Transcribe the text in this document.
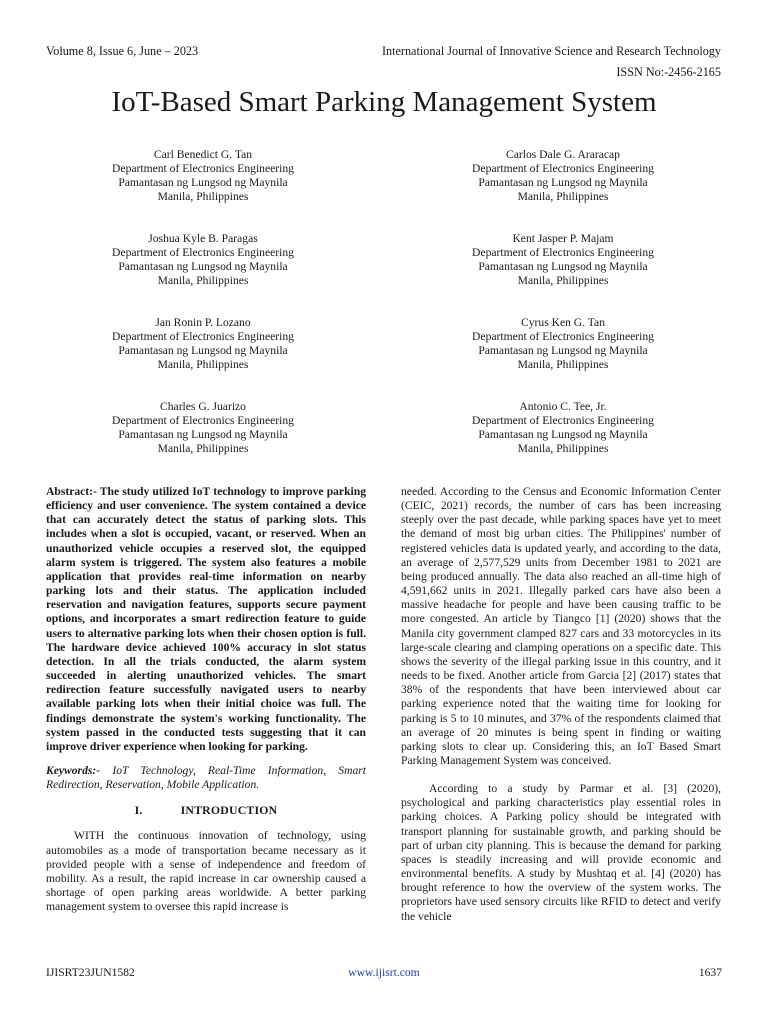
Volume 8, Issue 6, June – 2023	International Journal of Innovative Science and Research Technology
ISSN No:-2456-2165
IoT-Based Smart Parking Management System
Carl Benedict G. Tan
Department of Electronics Engineering
Pamantasan ng Lungsod ng Maynila
Manila, Philippines
Carlos Dale G. Araracap
Department of Electronics Engineering
Pamantasan ng Lungsod ng Maynila
Manila, Philippines
Joshua Kyle B. Paragas
Department of Electronics Engineering
Pamantasan ng Lungsod ng Maynila
Manila, Philippines
Kent Jasper P. Majam
Department of Electronics Engineering
Pamantasan ng Lungsod ng Maynila
Manila, Philippines
Jan Ronin P. Lozano
Department of Electronics Engineering
Pamantasan ng Lungsod ng Maynila
Manila, Philippines
Cyrus Ken G. Tan
Department of Electronics Engineering
Pamantasan ng Lungsod ng Maynila
Manila, Philippines
Charles G. Juarizo
Department of Electronics Engineering
Pamantasan ng Lungsod ng Maynila
Manila, Philippines
Antonio C. Tee, Jr.
Department of Electronics Engineering
Pamantasan ng Lungsod ng Maynila
Manila, Philippines

Abstract:- The study utilized IoT technology to improve parking efficiency and user convenience. The system contained a device that can accurately detect the status of parking slots. This includes when a slot is occupied, vacant, or reserved. When an unauthorized vehicle occupies a reserved slot, the equipped alarm system is triggered. The system also features a mobile application that provides real-time information on nearby parking lots and their status. The application included reservation and navigation features, supports secure payment options, and incorporates a smart redirection feature to guide users to alternative parking lots when their chosen option is full. The hardware device achieved 100% accuracy in slot status detection. In all the trials conducted, the alarm system succeeded in alerting unauthorized vehicles. The smart redirection feature successfully navigated users to nearby available parking lots when their initial choice was full. The findings demonstrate the system's working functionality. The system passed in the conducted tests suggesting that it can improve driver experience when looking for parking.

Keywords:- IoT Technology, Real-Time Information, Smart Redirection, Reservation, Mobile Application.

I.	INTRODUCTION

WITH the continuous innovation of technology, using automobiles as a mode of transportation became necessary as it provided people with a sense of independence and freedom of mobility. As a result, the rapid increase in car ownership caused a shortage of open parking areas worldwide. A better parking management system to oversee this rapid increase is

needed. According to the Census and Economic Information Center (CEIC, 2021) records, the number of cars has been increasing steeply over the past decade, while parking spaces have yet to meet the demand of most big urban cities. The Philippines' number of registered vehicles data is updated yearly, and according to the data, an average of 2,577,529 units from December 1981 to 2021 are being produced annually. The data also reached an all-time high of 4,591,662 units in 2021. Illegally parked cars have also been a massive headache for people and have been causing traffic to be more congested. An article by Tiangco [1] (2020) shows that the Manila city government clamped 827 cars and 33 motorcycles in its large-scale clearing and clamping operations on a specific date. This shows the severity of the illegal parking issue in this country, and it needs to be fixed. Another article from Garcia [2] (2017) states that 38% of the respondents that have been interviewed about car parking experience noted that the waiting time for looking for parking is 5 to 10 minutes, and 37% of the respondents claimed that an average of 20 minutes is being spent in finding or waiting parking slots to clear up. Considering this, an IoT Based Smart Parking Management System was conceived.

According to a study by Parmar et al. [3] (2020), psychological and parking characteristics play essential roles in parking choices. A Parking policy should be integrated with transport planning for sustainable growth, and parking should be part of urban city planning. This is because the demand for parking spaces is steadily increasing and will provide economic and environmental benefits. A study by Mushtaq et al. [4] (2020) has brought reference to how the overview of the system works. The proprietors have used sensory circuits like RFID to detect and verify the vehicle

IJISRT23JUN1582	www.ijisrt.com	1637
